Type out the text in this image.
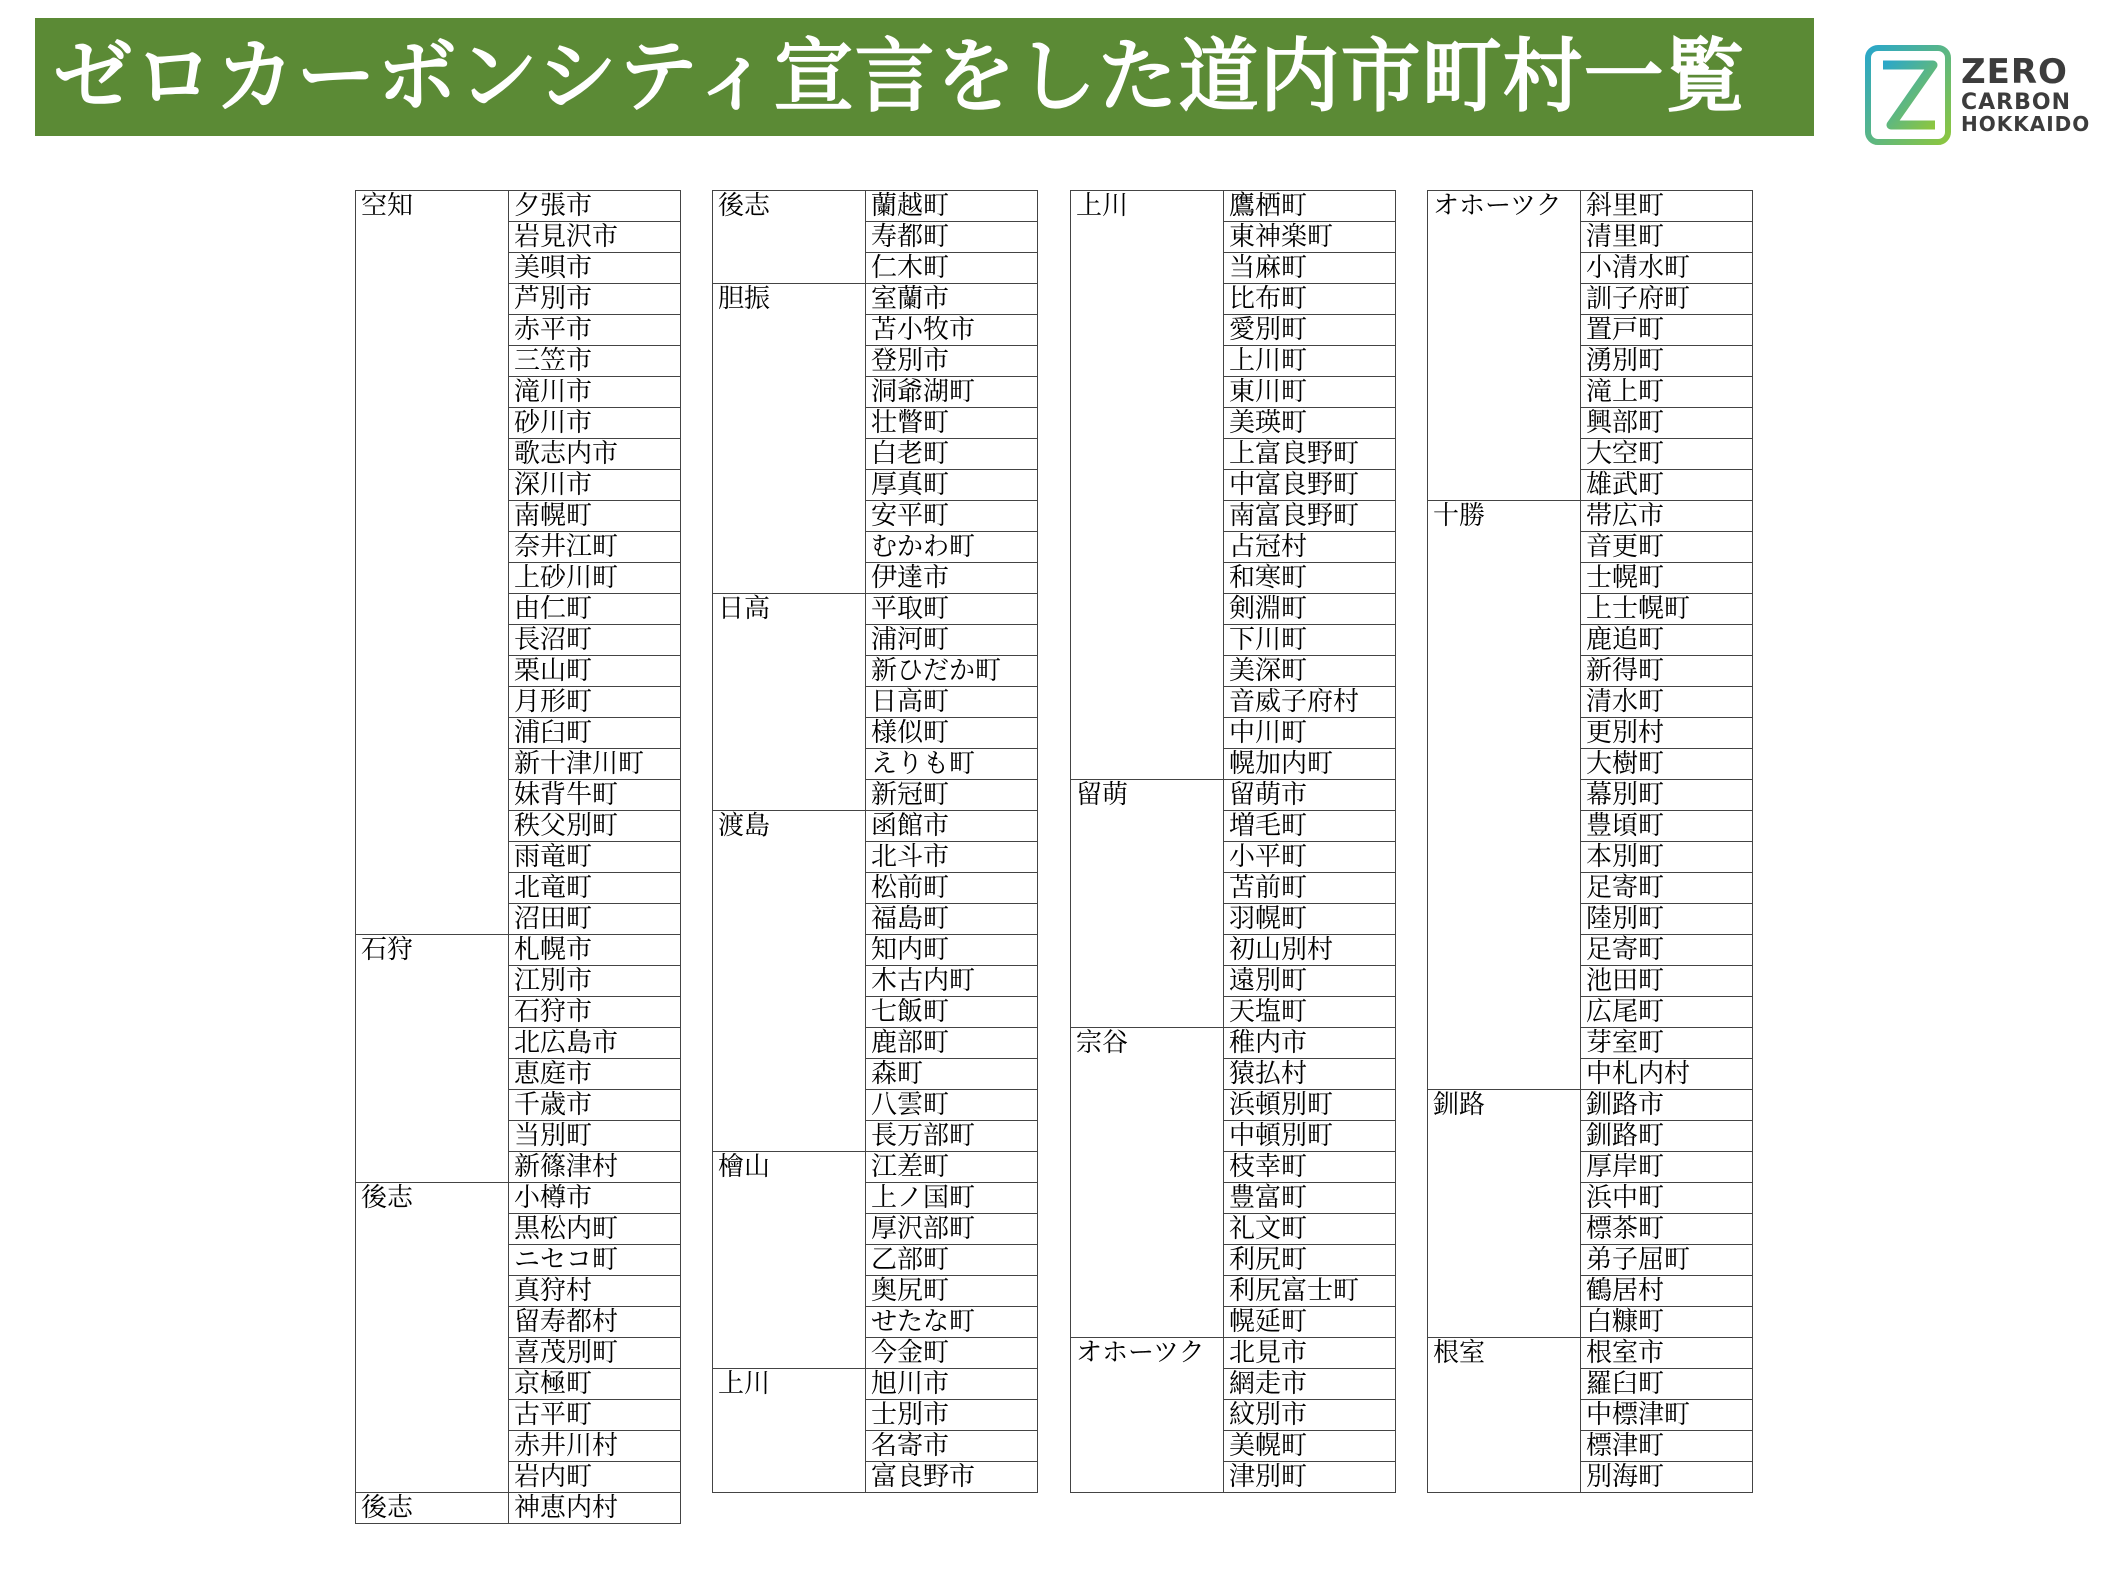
ゼロカーボンシティ宣言をした道内市町村一覧	ZERO
CARBON
HOKKAIDO
空知	夕張市
	岩見沢市
	美唄市
	芦別市
	赤平市
	三笠市
	滝川市
	砂川市
	歌志内市
	深川市
	南幌町
	奈井江町
	上砂川町
	由仁町
	長沼町
	栗山町
	月形町
	浦臼町
	新十津川町
	妹背牛町
	秩父別町
	雨竜町
	北竜町
	沼田町
石狩	札幌市
	江別市
	石狩市
	北広島市
	恵庭市
	千歳市
	当別町
	新篠津村
後志	小樽市
	黒松内町
	ニセコ町
	真狩村
	留寿都村
	喜茂別町
	京極町
	古平町
	赤井川村
	岩内町
後志	神恵内村
後志	蘭越町
	寿都町
	仁木町
胆振	室蘭市
	苫小牧市
	登別市
	洞爺湖町
	壮瞥町
	白老町
	厚真町
	安平町
	むかわ町
	伊達市
日高	平取町
	浦河町
	新ひだか町
	日高町
	様似町
	えりも町
	新冠町
渡島	函館市
	北斗市
	松前町
	福島町
	知内町
	木古内町
	七飯町
	鹿部町
	森町
	八雲町
	長万部町
檜山	江差町
	上ノ国町
	厚沢部町
	乙部町
	奥尻町
	せたな町
	今金町
上川	旭川市
	士別市
	名寄市
	富良野市
上川	鷹栖町
	東神楽町
	当麻町
	比布町
	愛別町
	上川町
	東川町
	美瑛町
	上富良野町
	中富良野町
	南富良野町
	占冠村
	和寒町
	剣淵町
	下川町
	美深町
	音威子府村
	中川町
	幌加内町
留萌	留萌市
	増毛町
	小平町
	苫前町
	羽幌町
	初山別村
	遠別町
	天塩町
宗谷	稚内市
	猿払村
	浜頓別町
	中頓別町
	枝幸町
	豊富町
	礼文町
	利尻町
	利尻富士町
	幌延町
オホーツク	北見市
	網走市
	紋別市
	美幌町
	津別町
オホーツク	斜里町
	清里町
	小清水町
	訓子府町
	置戸町
	湧別町
	滝上町
	興部町
	大空町
	雄武町
十勝	帯広市
	音更町
	士幌町
	上士幌町
	鹿追町
	新得町
	清水町
	更別村
	大樹町
	幕別町
	豊頃町
	本別町
	足寄町
	陸別町
	足寄町
	池田町
	広尾町
	芽室町
	中札内村
釧路	釧路市
	釧路町
	厚岸町
	浜中町
	標茶町
	弟子屈町
	鶴居村
	白糠町
根室	根室市
	羅臼町
	中標津町
	標津町
	別海町
